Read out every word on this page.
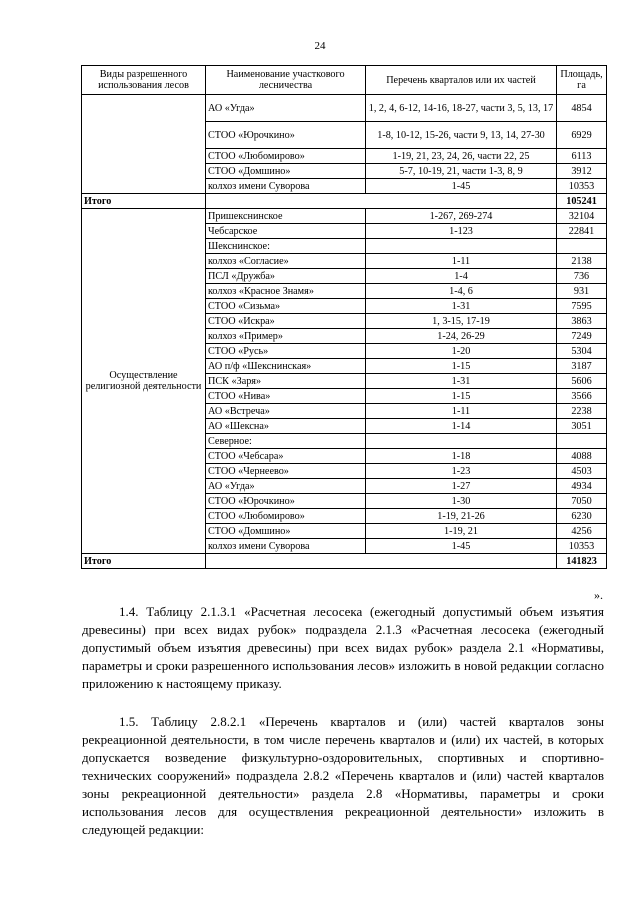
24
Виды разрешенного использования лесов	Наименование участкового лесничества	Перечень кварталов или их частей	Площадь, га
	АО «Угда»	1, 2, 4, 6-12, 14-16, 18-27, части 3, 5, 13, 17	4854
	СТОО «Юрочкино»	1-8, 10-12, 15-26, части 9, 13, 14, 27-30	6929
	СТОО «Любомирово»	1-19, 21, 23, 24, 26, части 22, 25	6113
	СТОО «Домшино»	5-7, 10-19, 21, части 1-3, 8, 9	3912
	колхоз имени Суворова	1-45	10353
Итого			105241
Осуществление религиозной деятельности	Пришекснинское	1-267, 269-274	32104
	Чебсарское	1-123	22841
	Шекснинское:		
	колхоз «Согласие»	1-11	2138
	ПСЛ «Дружба»	1-4	736
	колхоз «Красное Знамя»	1-4, 6	931
	СТОО «Сизьма»	1-31	7595
	СТОО «Искра»	1, 3-15, 17-19	3863
	колхоз «Пример»	1-24, 26-29	7249
	СТОО «Русь»	1-20	5304
	АО п/ф «Шекснинская»	1-15	3187
	ПСК «Заря»	1-31	5606
	СТОО «Нива»	1-15	3566
	АО «Встреча»	1-11	2238
	АО «Шексна»	1-14	3051
	Северное:		
	СТОО «Чебсара»	1-18	4088
	СТОО «Чернеево»	1-23	4503
	АО «Угда»	1-27	4934
	СТОО «Юрочкино»	1-30	7050
	СТОО «Любомирово»	1-19, 21-26	6230
	СТОО «Домшино»	1-19, 21	4256
	колхоз имени Суворова	1-45	10353
Итого			141823
».

1.4. Таблицу 2.1.3.1 «Расчетная лесосека (ежегодный допустимый объем изъятия древесины) при всех видах рубок» подраздела 2.1.3 «Расчетная лесосека (ежегодный допустимый объем изъятия древесины) при всех видах рубок» раздела 2.1 «Нормативы, параметры и сроки разрешенного использования лесов» изложить в новой редакции согласно приложению к настоящему приказу.

1.5. Таблицу 2.8.2.1 «Перечень кварталов и (или) частей кварталов зоны рекреационной деятельности, в том числе перечень кварталов и (или) их частей, в которых допускается возведение физкультурно-оздоровительных, спортивных и спортивно-технических сооружений» подраздела 2.8.2 «Перечень кварталов и (или) частей кварталов зоны рекреационной деятельности» раздела 2.8 «Нормативы, параметры и сроки использования лесов для осуществления рекреационной деятельности» изложить в следующей редакции:
